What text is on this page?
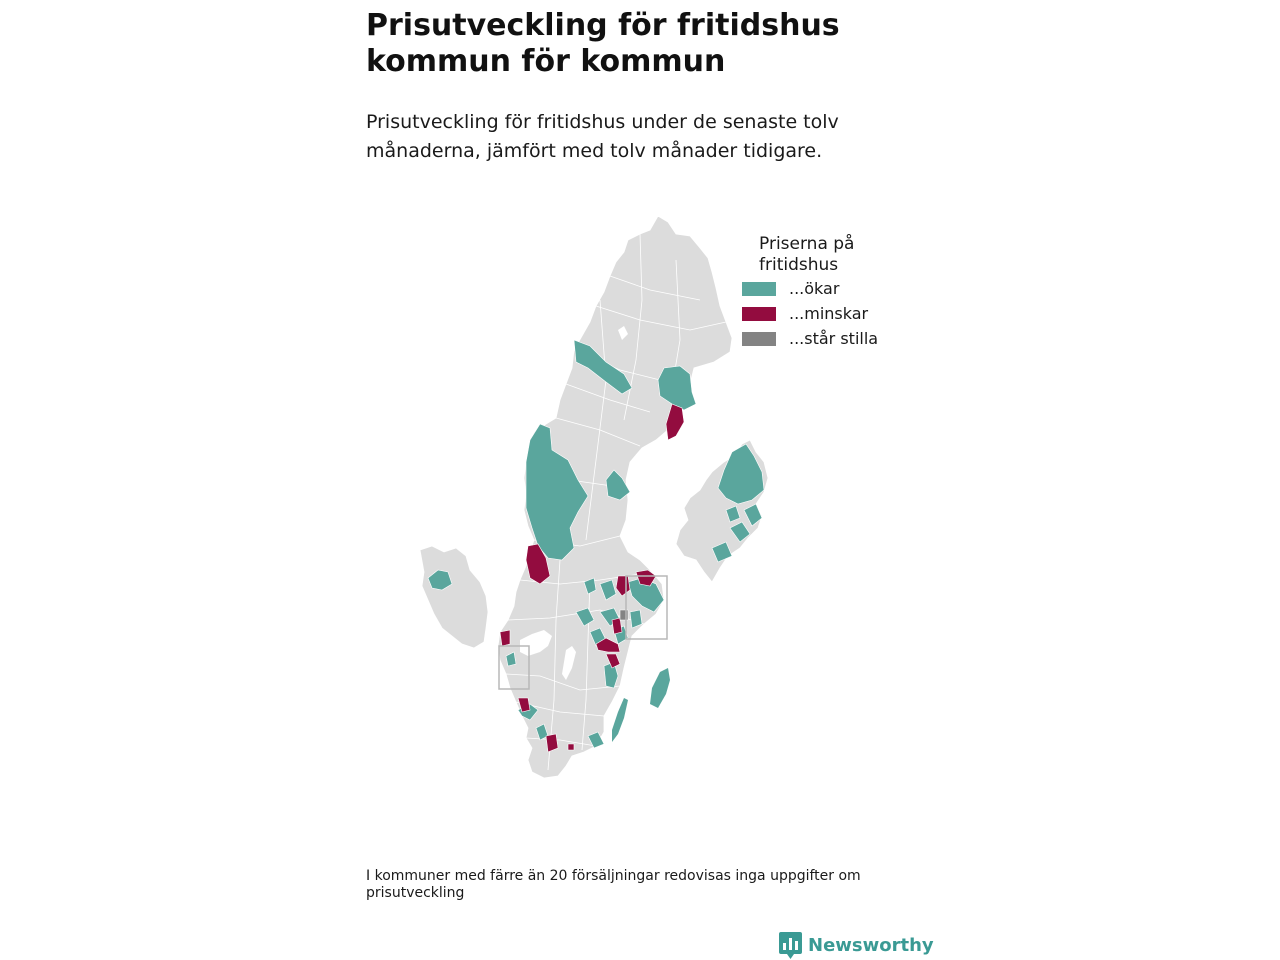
Prisutveckling för fritidshus
kommun för kommun

Prisutveckling för fritidshus under de senaste tolv månaderna, jämfört med tolv månader tidigare.

Priserna på fritidshus
...ökar
...minskar
...står stilla
I kommuner med färre än 20 försäljningar redovisas inga uppgifter om prisutveckling
Newsworthy
